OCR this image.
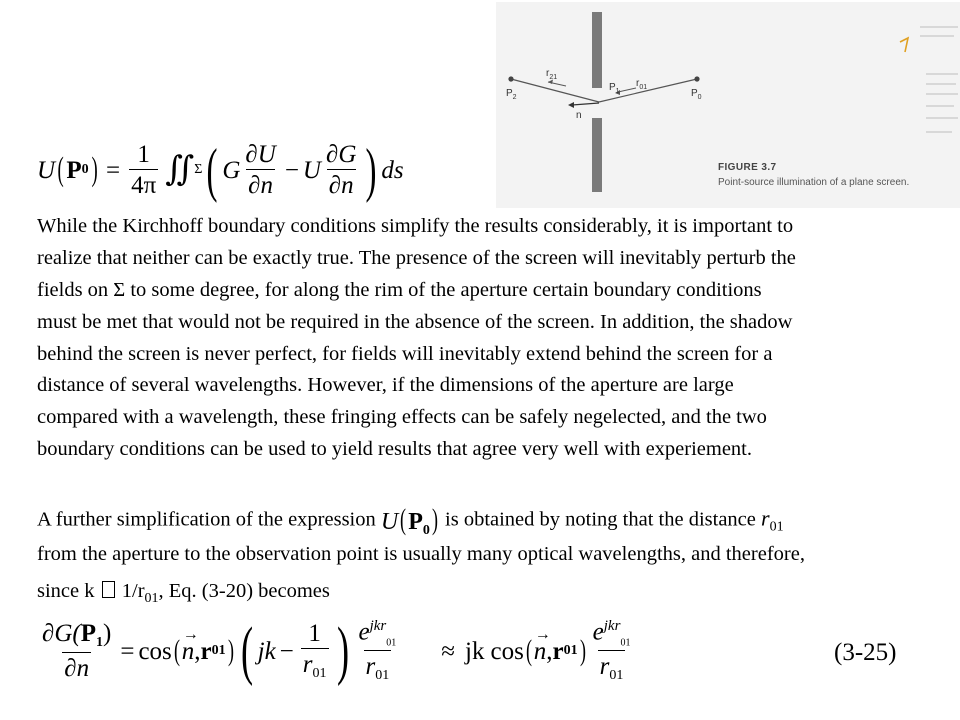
$P_2$
$r_{21}$
$P_1$
$r_{01}$
$P_0$
n
FIGURE 3.7
Point-source illumination of a plane screen.
U ( P 0 ) = $\frac{1}{4\pi}$ ∬ Σ ( G $\frac{\partial U}{\partial n} - U \frac{\partial G}{\partial n}$ ) ds
While the Kirchhoff boundary conditions simplify the results considerably, it is important to
realize that neither can be exactly true. The presence of the screen will inevitably perturb the
fields on Σ to some degree, for along the rim of the aperture certain boundary conditions
must be met that would not be required in the absence of the screen. In addition, the shadow
behind the screen is never perfect, for fields will inevitably extend behind the screen for a
distance of several wavelengths. However, if the dimensions of the aperture are large
compared with a wavelength, these fringing effects can be safely negelected, and the two
boundary conditions can be used to yield results that agree very well with experiement.
A further simplification of the expression $U(P_0)$ is obtained by noting that the distance $r_{01}$
from the aperture to the observation point is usually many optical wavelengths, and therefore,
since k  $1/r_{01}$, Eq. (3-20) becomes
$\frac{\partial G(P_1)}{\partial n} = \cos$ ( →
n , r 01 ) ( jk − $\frac{1}{r_{01}}$ ) $\frac{e^{jkr}_{01}}{r_{01}}$ ≈ jk cos ( →
n , r 01 ) $\frac{e^{jkr}_{01}}{r_{01}}$	(3-25)
